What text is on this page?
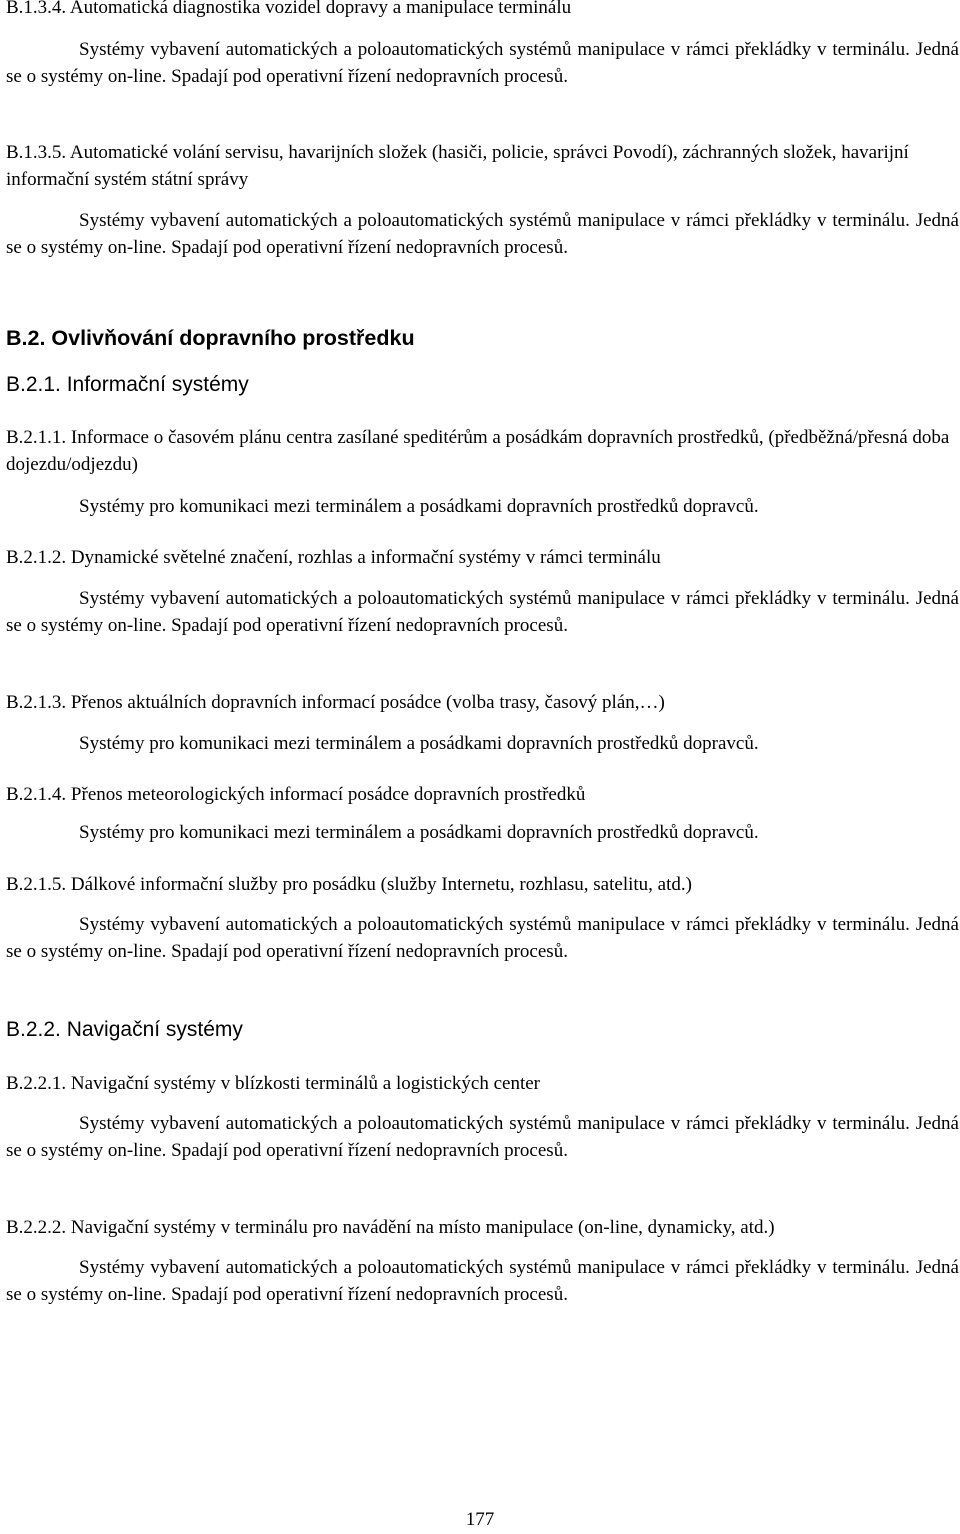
B.1.3.4. Automatická diagnostika vozidel dopravy a manipulace terminálu

Systémy vybavení automatických a poloautomatických systémů manipulace v rámci překládky v terminálu. Jedná se o systémy on-line. Spadají pod operativní řízení nedopravních procesů.

B.1.3.5. Automatické volání servisu, havarijních složek (hasiči, policie, správci Povodí), záchranných složek, havarijní informační systém státní správy

Systémy vybavení automatických a poloautomatických systémů manipulace v rámci překládky v terminálu. Jedná se o systémy on-line. Spadají pod operativní řízení nedopravních procesů.

B.2. Ovlivňování dopravního prostředku

B.2.1. Informační systémy

B.2.1.1. Informace o časovém plánu centra zasílané speditérům a posádkám dopravních prostředků, (předběžná/přesná doba dojezdu/odjezdu)

Systémy pro komunikaci mezi terminálem a posádkami dopravních prostředků dopravců.

B.2.1.2. Dynamické světelné značení, rozhlas a informační systémy v rámci terminálu

Systémy vybavení automatických a poloautomatických systémů manipulace v rámci překládky v terminálu. Jedná se o systémy on-line. Spadají pod operativní řízení nedopravních procesů.

B.2.1.3. Přenos aktuálních dopravních informací posádce (volba trasy, časový plán,…)

Systémy pro komunikaci mezi terminálem a posádkami dopravních prostředků dopravců.

B.2.1.4. Přenos meteorologických informací posádce dopravních prostředků

Systémy pro komunikaci mezi terminálem a posádkami dopravních prostředků dopravců.

B.2.1.5. Dálkové informační služby pro posádku (služby Internetu, rozhlasu, satelitu, atd.)

Systémy vybavení automatických a poloautomatických systémů manipulace v rámci překládky v terminálu. Jedná se o systémy on-line. Spadají pod operativní řízení nedopravních procesů.

B.2.2. Navigační systémy

B.2.2.1. Navigační systémy v blízkosti terminálů a logistických center

Systémy vybavení automatických a poloautomatických systémů manipulace v rámci překládky v terminálu. Jedná se o systémy on-line. Spadají pod operativní řízení nedopravních procesů.

B.2.2.2. Navigační systémy v terminálu pro navádění na místo manipulace (on-line, dynamicky, atd.)

Systémy vybavení automatických a poloautomatických systémů manipulace v rámci překládky v terminálu. Jedná se o systémy on-line. Spadají pod operativní řízení nedopravních procesů.

177
